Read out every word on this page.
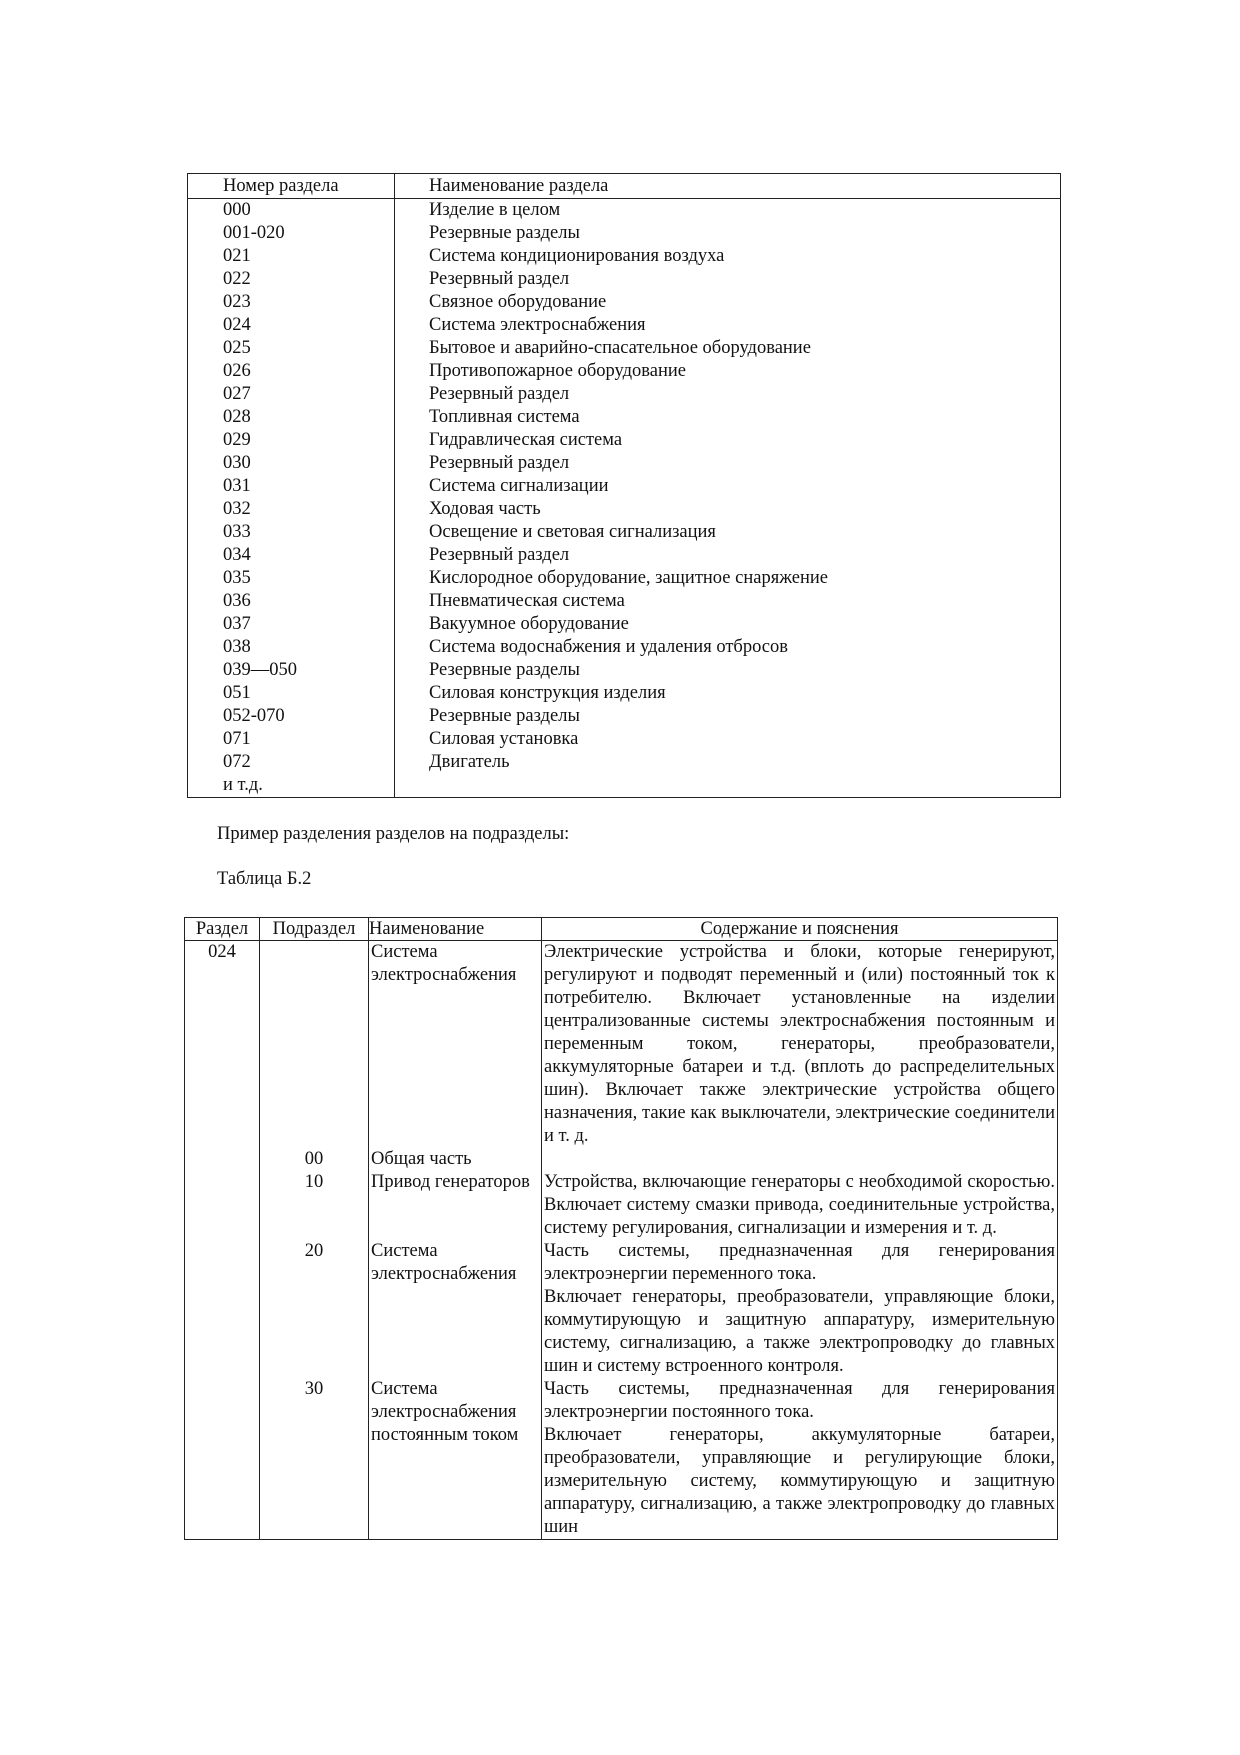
Номер раздела	Наименование раздела
000	Изделие в целом
001-020	Резервные разделы
021	Система кондиционирования воздуха
022	Резервный раздел
023	Связное оборудование
024	Система электроснабжения
025	Бытовое и аварийно-спасательное оборудование
026	Противопожарное оборудование
027	Резервный раздел
028	Топливная система
029	Гидравлическая система
030	Резервный раздел
031	Система сигнализации
032	Ходовая часть
033	Освещение и световая сигнализация
034	Резервный раздел
035	Кислородное оборудование, защитное снаряжение
036	Пневматическая система
037	Вакуумное оборудование
038	Система водоснабжения и удаления отбросов
039—050	Резервные разделы
051	Силовая конструкция изделия
052-070	Резервные разделы
071	Силовая установка
072	Двигатель
и т.д.	
Пример разделения разделов на подразделы:
Таблица Б.2
Раздел	Подраздел	Наименование	Содержание и пояснения
024		Система электроснабжения	Электрические устройства и блоки, которые генерируют, регулируют и подводят переменный и (или) постоянный ток к потребителю. Включает установленные на изделии централизованные системы электроснабжения постоянным и переменным током, генераторы, преобразователи, аккумуляторные батареи и т.д. (вплоть до распределительных шин). Включает также электрические устройства общего назначения, такие как выключатели, электрические соединители и т. д.

	00	Общая часть	
	10	Привод генераторов	Устройства, включающие генераторы с необходимой скоростью. Включает систему смазки привода, соединительные устройства, систему регулирования, сигнализации и измерения и т. д.

	20	Система электроснабжения	Часть системы, предназначенная для генерирования электроэнергии переменного тока.

Включает генераторы, преобразователи, управляющие блоки, коммутирующую и защитную аппаратуру, измерительную систему, сигнализацию, а также электропроводку до главных шин и систему встроенного контроля.

	30	Система электроснабжения постоянным током	Часть системы, предназначенная для генерирования электроэнергии постоянного тока.

Включает генераторы, аккумуляторные батареи, преобразователи, управляющие и регулирующие блоки, измерительную систему, коммутирующую и защитную аппаратуру, сигнализацию, а также электропроводку до главных шин
